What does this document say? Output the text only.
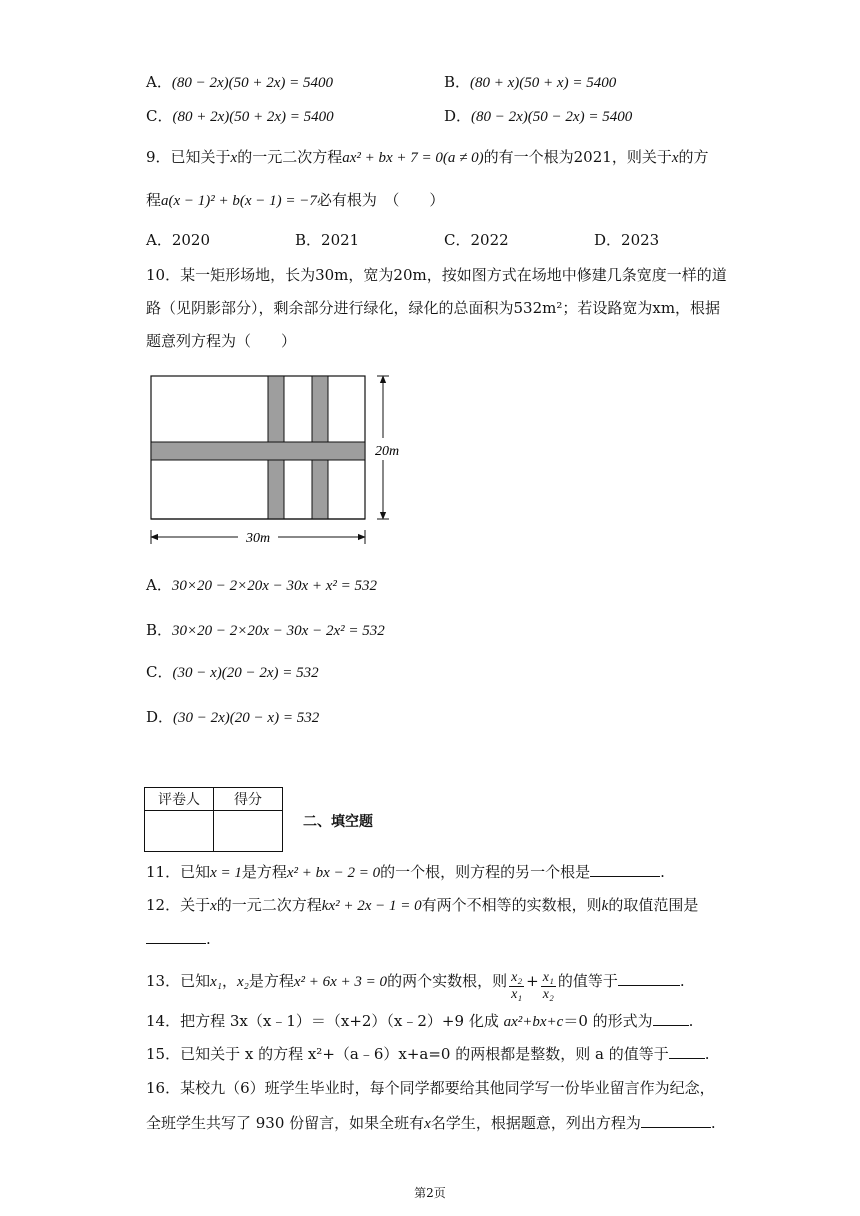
A．(80 − 2x)(50 + 2x) = 5400	B．(80 + x)(50 + x) = 5400
C．(80 + 2x)(50 + 2x) = 5400	D．(80 − 2x)(50 − 2x) = 5400
9．已知关于x的一元二次方程ax² + bx + 7 = 0(a ≠ 0)的有一个根为2021，则关于x的方
程a(x − 1)² + b(x − 1) = −7必有根为　（　　）
A．2020	B．2021	C．2022	D．2023
10．某一矩形场地，长为30m，宽为20m，按如图方式在场地中修建几条宽度一样的道
路（见阴影部分），剩余部分进行绿化，绿化的总面积为532m²；若设路宽为xm，根据
题意列方程为（　　）
20m
30m
A．30×20 − 2×20x − 30x + x² = 532
B．30×20 − 2×20x − 30x − 2x² = 532
C．(30 − x)(20 − 2x) = 532
D．(30 − 2x)(20 − x) = 532
评卷人	得分

二、填空题
11．已知x = 1是方程x² + bx − 2 = 0的一个根，则方程的另一个根是	.
12．关于x的一元二次方程kx² + 2x − 1 = 0有两个不相等的实数根，则k的取值范围是
.
13．已知x₁，x₂是方程x² + 6x + 3 = 0的两个实数根，则 $\frac{\text{x₂}}{\text{x₁}} + \frac{\text{x₁}}{\text{x₂}}$ 的值等于	.
14．把方程 3x（x﹣1）＝（x+2）（x﹣2）+9 化成 ax²+bx+c＝0 的形式为 .
15．已知关于 x 的方程 x²+（a﹣6）x+a=0 的两根都是整数，则 a 的值等于 .
16．某校九（6）班学生毕业时，每个同学都要给其他同学写一份毕业留言作为纪念，
全班学生共写了 930 份留言，如果全班有x名学生，根据题意，列出方程为	.
第2页
